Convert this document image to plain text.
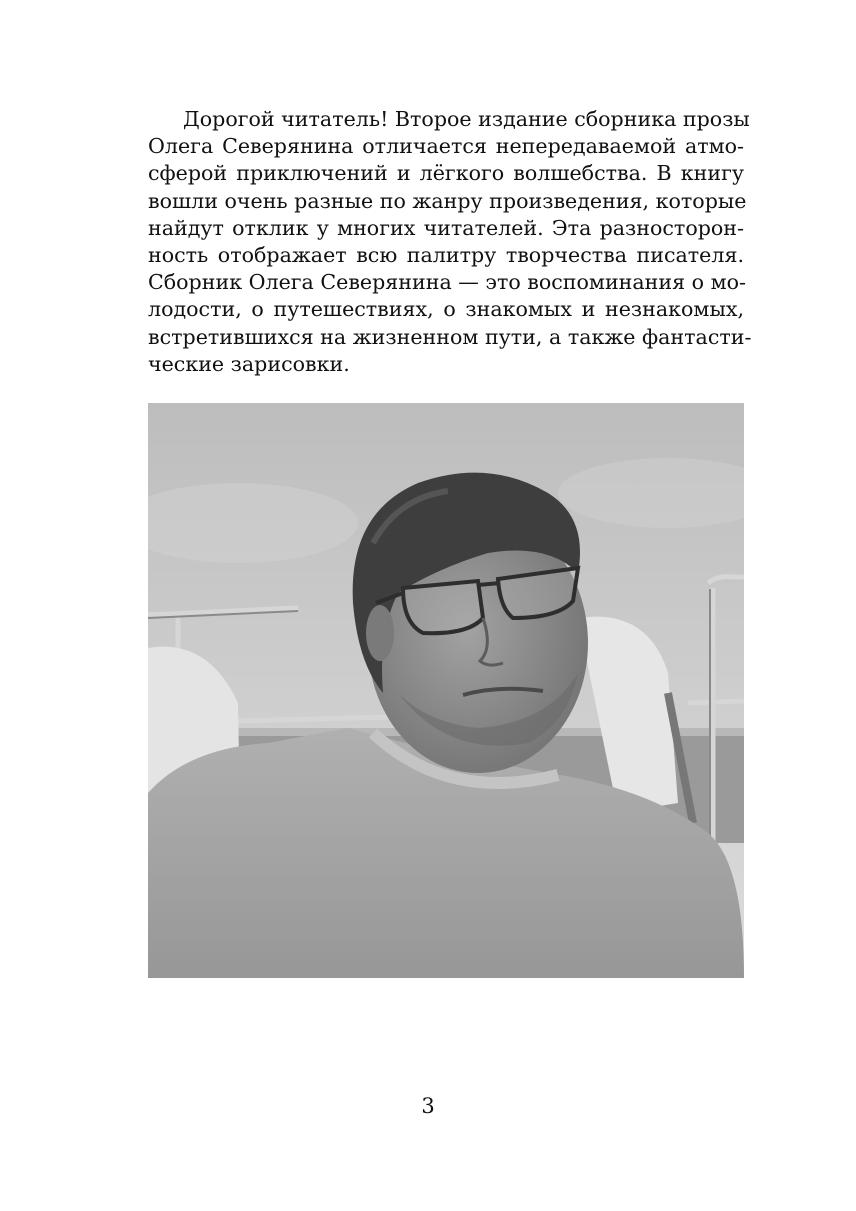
Дорогой читатель! Второе издание сборника прозы
Олега Северянина отличается непередаваемой атмо-
сферой приключений и лёгкого волшебства. В книгу
вошли очень разные по жанру произведения, которые
найдут отклик у многих читателей. Эта разносторон-
ность отображает всю палитру творчества писателя.
Сборник Олега Северянина — это воспоминания о мо-
лодости, о путешествиях, о знакомых и незнакомых,
встретившихся на жизненном пути, а также фантасти-
ческие зарисовки.
3
